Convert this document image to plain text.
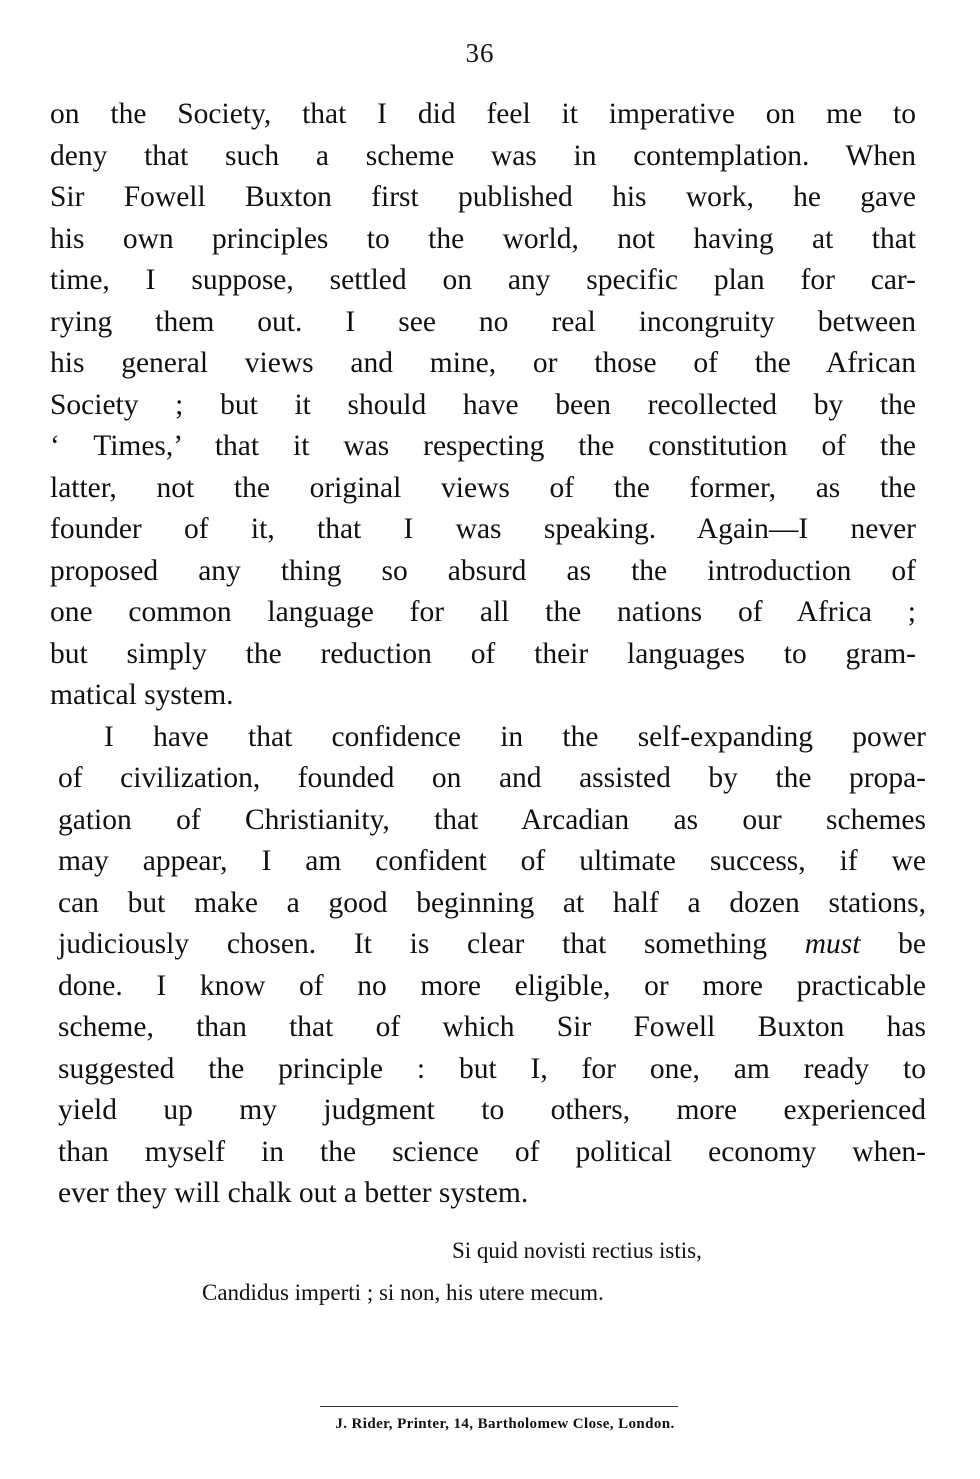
36
on the Society, that I did feel it imperative on me to
deny that such a scheme was in contemplation. When
Sir Fowell Buxton first published his work, he gave
his own principles to the world, not having at that
time, I suppose, settled on any specific plan for car-
rying them out. I see no real incongruity between
his general views and mine, or those of the African
Society ; but it should have been recollected by the
‘ Times,’ that it was respecting the constitution of the
latter, not the original views of the former, as the
founder of it, that I was speaking. Again—I never
proposed any thing so absurd as the introduction of
one common language for all the nations of Africa ;
but simply the reduction of their languages to gram-
matical system.
I have that confidence in the self-expanding power
of civilization, founded on and assisted by the propa-
gation of Christianity, that Arcadian as our schemes
may appear, I am confident of ultimate success, if we
can but make a good beginning at half a dozen stations,
judiciously chosen. It is clear that something must be
done. I know of no more eligible, or more practicable
scheme, than that of which Sir Fowell Buxton has
suggested the principle : but I, for one, am ready to
yield up my judgment to others, more experienced
than myself in the science of political economy when-
ever they will chalk out a better system.
Si quid novisti rectius istis,
Candidus imperti ; si non, his utere mecum.
J. Rider, Printer, 14, Bartholomew Close, London.
